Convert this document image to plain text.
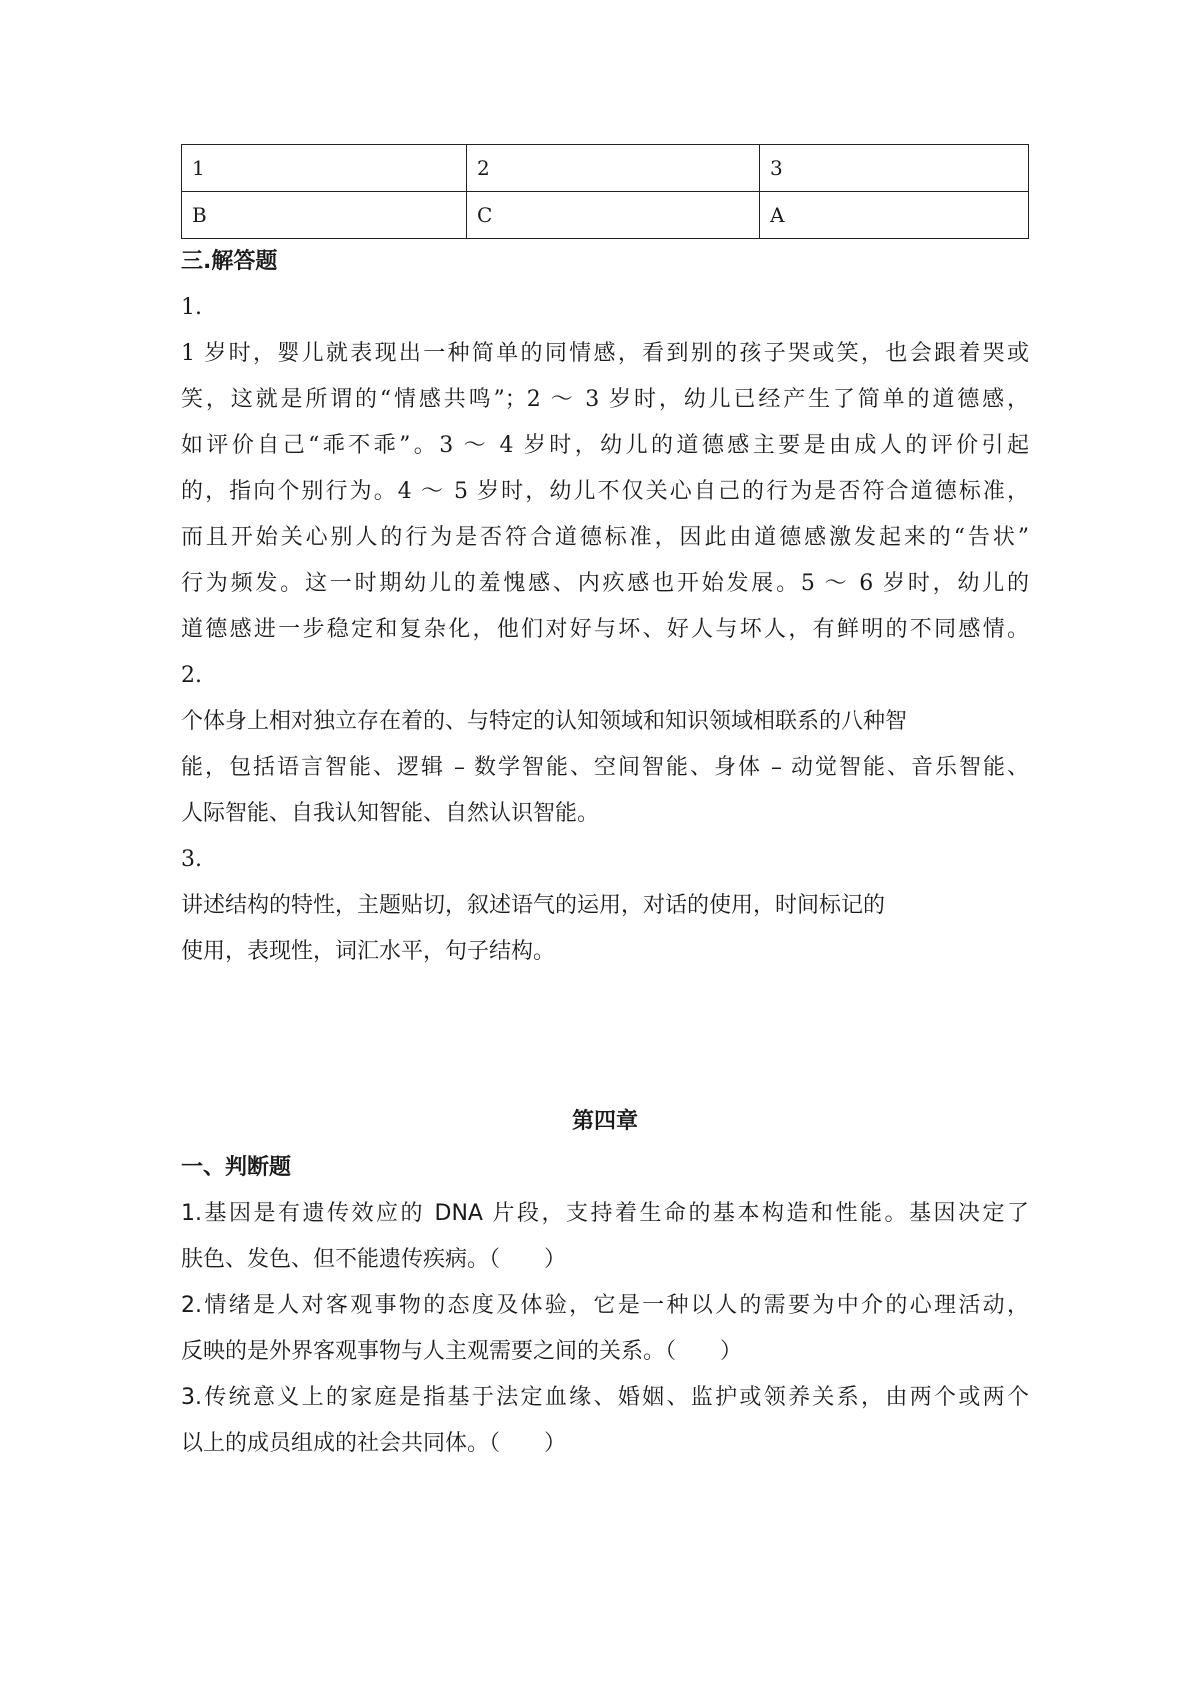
1	2	3
B	C	A
三.解答题
1.
1 岁时，婴儿就表现出一种简单的同情感，看到别的孩子哭或笑，也会跟着哭或
笑，这就是所谓的“情感共鸣”；2 ～ 3 岁时，幼儿已经产生了简单的道德感，
如评价自己“乖不乖”。3 ～ 4 岁时，幼儿的道德感主要是由成人的评价引起
的，指向个别行为。4 ～ 5 岁时，幼儿不仅关心自己的行为是否符合道德标准，
而且开始关心别人的行为是否符合道德标准，因此由道德感激发起来的“告状”
行为频发。这一时期幼儿的羞愧感、内疚感也开始发展。5 ～ 6 岁时，幼儿的
道德感进一步稳定和复杂化，他们对好与坏、好人与坏人，有鲜明的不同感情。
2.
个体身上相对独立存在着的、与特定的认知领域和知识领域相联系的八种智
能，包括语言智能、逻辑 – 数学智能、空间智能、身体 – 动觉智能、音乐智能、
人际智能、自我认知智能、自然认识智能。
3.
讲述结构的特性，主题贴切，叙述语气的运用，对话的使用，时间标记的
使用，表现性，词汇水平，句子结构。
第四章
一、判断题
1.基因是有遗传效应的 DNA 片段，支持着生命的基本构造和性能。基因决定了
肤色、发色、但不能遗传疾病。（　　）
2.情绪是人对客观事物的态度及体验，它是一种以人的需要为中介的心理活动，
反映的是外界客观事物与人主观需要之间的关系。（　　）
3.传统意义上的家庭是指基于法定血缘、婚姻、监护或领养关系，由两个或两个
以上的成员组成的社会共同体。（　　）
